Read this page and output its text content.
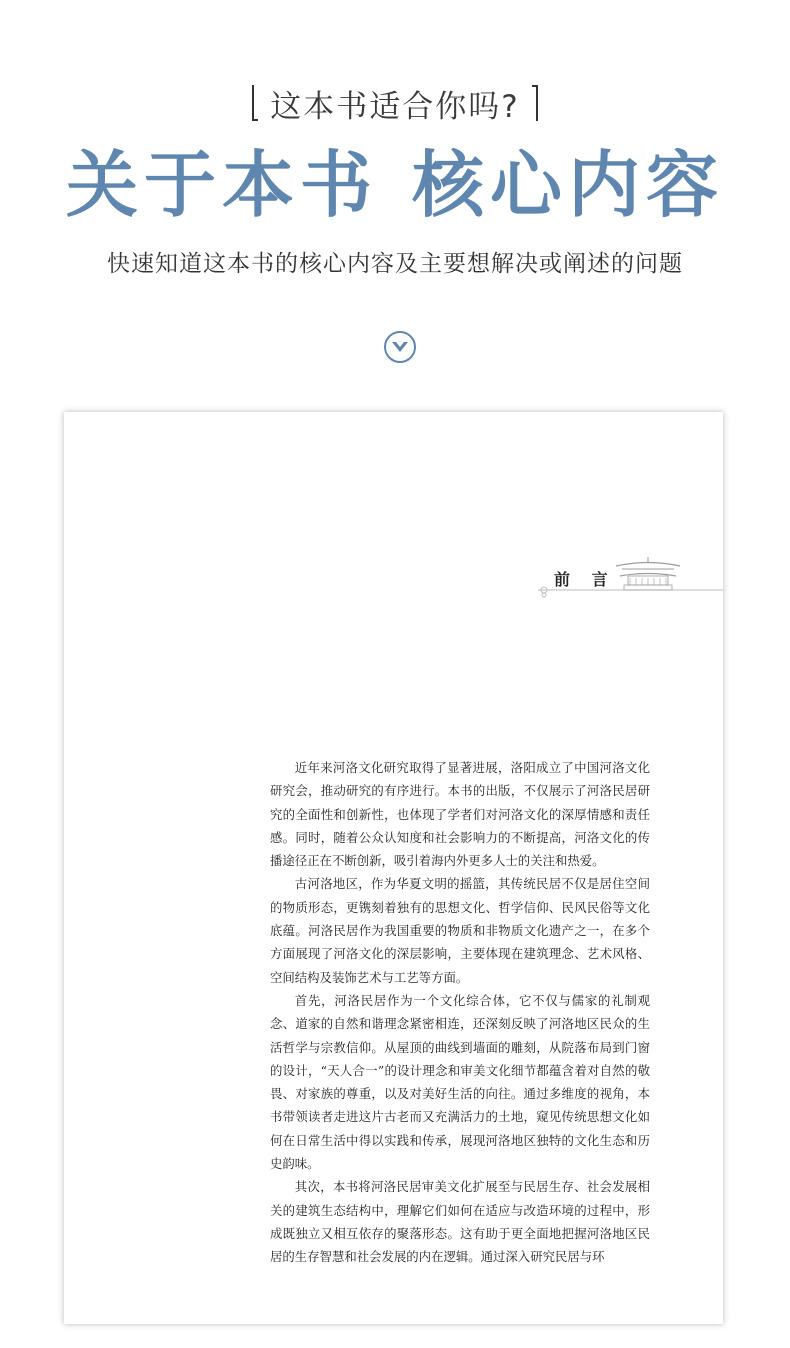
这本书适合你吗?
关于本书 核心内容
快速知道这本书的核心内容及主要想解决或阐述的问题
前 言

近年来河洛文化研究取得了显著进展，洛阳成立了中国河洛文化研究会，推动研究的有序进行。本书的出版，不仅展示了河洛民居研究的全面性和创新性，也体现了学者们对河洛文化的深厚情感和责任感。同时，随着公众认知度和社会影响力的不断提高，河洛文化的传播途径正在不断创新，吸引着海内外更多人士的关注和热爱。

古河洛地区，作为华夏文明的摇篮，其传统民居不仅是居住空间的物质形态，更镌刻着独有的思想文化、哲学信仰、民风民俗等文化底蕴。河洛民居作为我国重要的物质和非物质文化遗产之一，在多个方面展现了河洛文化的深层影响，主要体现在建筑理念、艺术风格、空间结构及装饰艺术与工艺等方面。

首先，河洛民居作为一个文化综合体，它不仅与儒家的礼制观念、道家的自然和谐理念紧密相连，还深刻反映了河洛地区民众的生活哲学与宗教信仰。从屋顶的曲线到墙面的雕刻，从院落布局到门窗的设计，“天人合一”的设计理念和审美文化细节都蕴含着对自然的敬畏、对家族的尊重，以及对美好生活的向往。通过多维度的视角，本书带领读者走进这片古老而又充满活力的土地，窥见传统思想文化如何在日常生活中得以实践和传承，展现河洛地区独特的文化生态和历史韵味。

其次，本书将河洛民居审美文化扩展至与民居生存、社会发展相关的建筑生态结构中，理解它们如何在适应与改造环境的过程中，形成既独立又相互依存的聚落形态。这有助于更全面地把握河洛地区民居的生存智慧和社会发展的内在逻辑。通过深入研究民居与环
